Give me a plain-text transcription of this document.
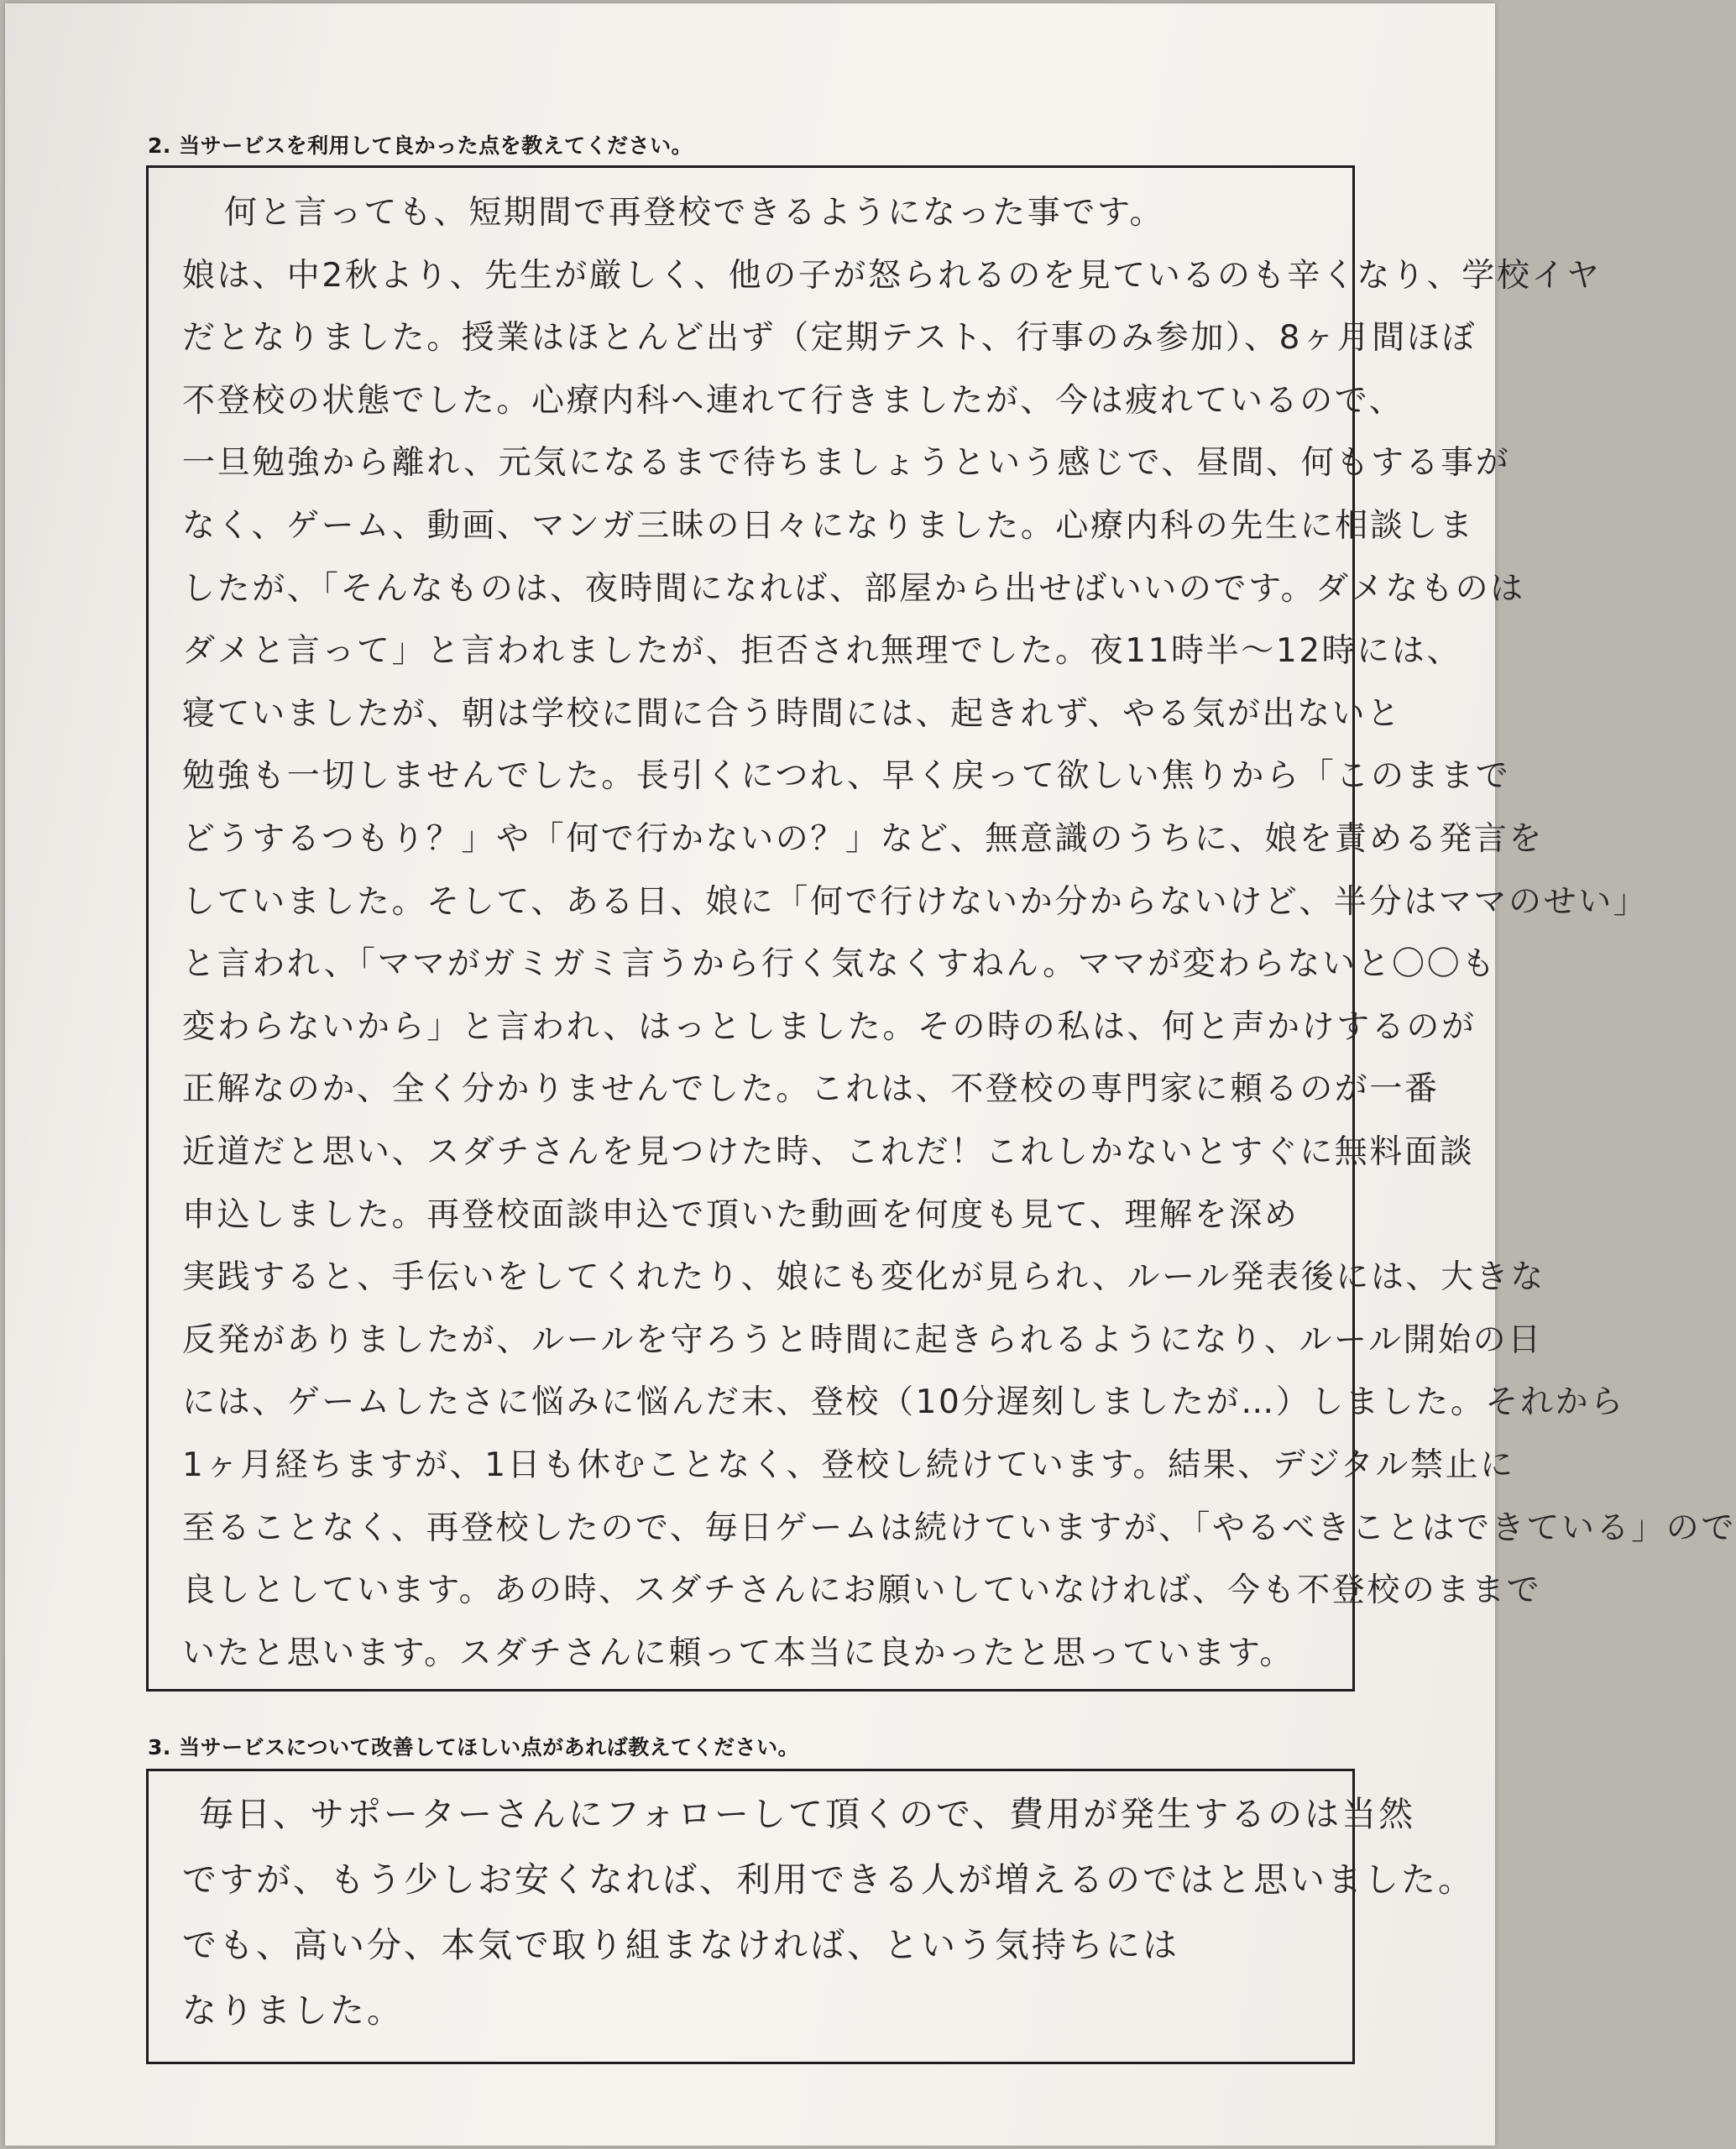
2. 当サービスを利用して良かった点を教えてください。
何と言っても、短期間で再登校できるようになった事です。
娘は、中2秋より、先生が厳しく、他の子が怒られるのを見ているのも辛くなり、学校イヤ
だとなりました。授業はほとんど出ず（定期テスト、行事のみ参加）、8ヶ月間ほぼ
不登校の状態でした。心療内科へ連れて行きましたが、今は疲れているので、
一旦勉強から離れ、元気になるまで待ちましょうという感じで、昼間、何もする事が
なく、ゲーム、動画、マンガ三昧の日々になりました。心療内科の先生に相談しま
したが、「そんなものは、夜時間になれば、部屋から出せばいいのです。ダメなものは
ダメと言って」と言われましたが、拒否され無理でした。夜11時半～12時には、
寝ていましたが、朝は学校に間に合う時間には、起きれず、やる気が出ないと
勉強も一切しませんでした。長引くにつれ、早く戻って欲しい焦りから「このままで
どうするつもり？」や「何で行かないの？」など、無意識のうちに、娘を責める発言を
していました。そして、ある日、娘に「何で行けないか分からないけど、半分はママのせい」
と言われ、「ママがガミガミ言うから行く気なくすねん。ママが変わらないと〇〇も
変わらないから」と言われ、はっとしました。その時の私は、何と声かけするのが
正解なのか、全く分かりませんでした。これは、不登校の専門家に頼るのが一番
近道だと思い、スダチさんを見つけた時、これだ！これしかないとすぐに無料面談
申込しました。再登校面談申込で頂いた動画を何度も見て、理解を深め
実践すると、手伝いをしてくれたり、娘にも変化が見られ、ルール発表後には、大きな
反発がありましたが、ルールを守ろうと時間に起きられるようになり、ルール開始の日
には、ゲームしたさに悩みに悩んだ末、登校（10分遅刻しましたが…）しました。それから
1ヶ月経ちますが、1日も休むことなく、登校し続けています。結果、デジタル禁止に
至ることなく、再登校したので、毎日ゲームは続けていますが、「やるべきことはできている」ので
良しとしています。あの時、スダチさんにお願いしていなければ、今も不登校のままで
いたと思います。スダチさんに頼って本当に良かったと思っています。
3. 当サービスについて改善してほしい点があれば教えてください。
毎日、サポーターさんにフォローして頂くので、費用が発生するのは当然
ですが、もう少しお安くなれば、利用できる人が増えるのではと思いました。
でも、高い分、本気で取り組まなければ、という気持ちには
なりました。
